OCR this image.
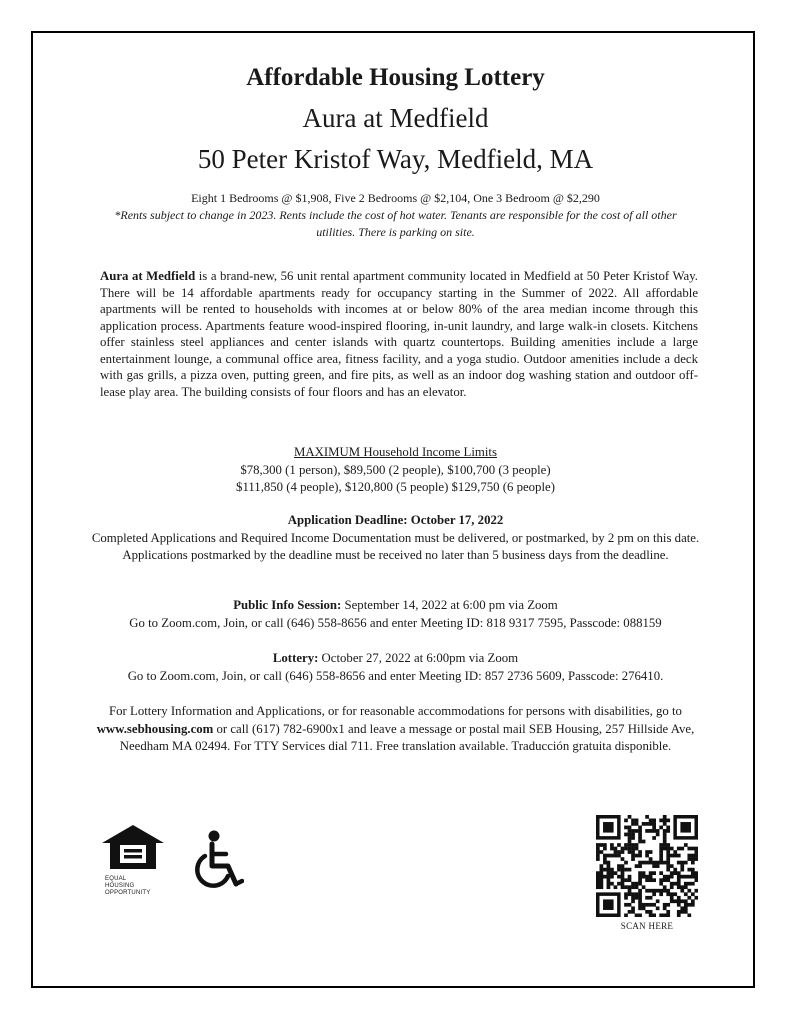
Affordable Housing Lottery
Aura at Medfield
50 Peter Kristof Way, Medfield, MA
Eight 1 Bedrooms @ $1,908, Five 2 Bedrooms @ $2,104, One 3 Bedroom @ $2,290
*Rents subject to change in 2023. Rents include the cost of hot water. Tenants are responsible for the cost of all other utilities. There is parking on site.

Aura at Medfield is a brand-new, 56 unit rental apartment community located in Medfield at 50 Peter Kristof Way. There will be 14 affordable apartments ready for occupancy starting in the Summer of 2022. All affordable apartments will be rented to households with incomes at or below 80% of the area median income through this application process. Apartments feature wood-inspired flooring, in-unit laundry, and large walk-in closets. Kitchens offer stainless steel appliances and center islands with quartz countertops. Building amenities include a large entertainment lounge, a communal office area, fitness facility, and a yoga studio. Outdoor amenities include a deck with gas grills, a pizza oven, putting green, and fire pits, as well as an indoor dog washing station and outdoor off-lease play area. The building consists of four floors and has an elevator.

MAXIMUM Household Income Limits
$78,300 (1 person), $89,500 (2 people), $100,700 (3 people)
$111,850 (4 people), $120,800 (5 people) $129,750 (6 people)
Application Deadline: October 17, 2022
Completed Applications and Required Income Documentation must be delivered, or postmarked, by 2 pm on this date. Applications postmarked by the deadline must be received no later than 5 business days from the deadline.
Public Info Session: September 14, 2022 at 6:00 pm via Zoom
Go to Zoom.com, Join, or call (646) 558-8656 and enter Meeting ID: 818 9317 7595, Passcode: 088159
Lottery: October 27, 2022 at 6:00pm via Zoom
Go to Zoom.com, Join, or call (646) 558-8656 and enter Meeting ID: 857 2736 5609, Passcode: 276410.
For Lottery Information and Applications, or for reasonable accommodations for persons with disabilities, go to www.sebhousing.com or call (617) 782-6900x1 and leave a message or postal mail SEB Housing, 257 Hillside Ave, Needham MA 02494. For TTY Services dial 711. Free translation available. Traducción gratuita disponible.
EQUAL HOUSING OPPORTUNITY
SCAN HERE
